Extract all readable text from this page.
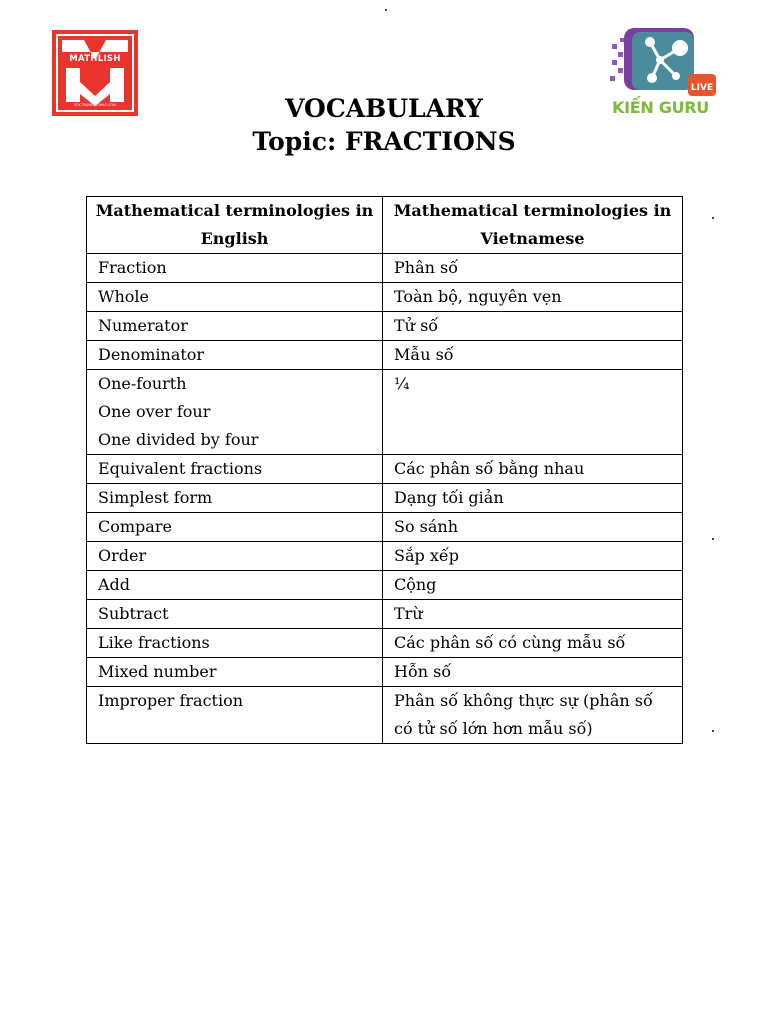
MATHLISH
SOCTRANGWORKS.COM
LIVE
KIẾN GURU
VOCABULARY
Topic: FRACTIONS
Mathematical terminologies in English	Mathematical terminologies in Vietnamese

Fraction	Phân số

Whole	Toàn bộ, nguyên vẹn

Numerator	Tử số

Denominator	Mẫu số

One-fourth
One over four
One divided by four	¼

Equivalent fractions	Các phân số bằng nhau

Simplest form	Dạng tối giản

Compare	So sánh

Order	Sắp xếp

Add	Cộng

Subtract	Trừ

Like fractions	Các phân số có cùng mẫu số

Mixed number	Hỗn số

Improper fraction	Phân số không thực sự (phân số có tử số lớn hơn mẫu số)
